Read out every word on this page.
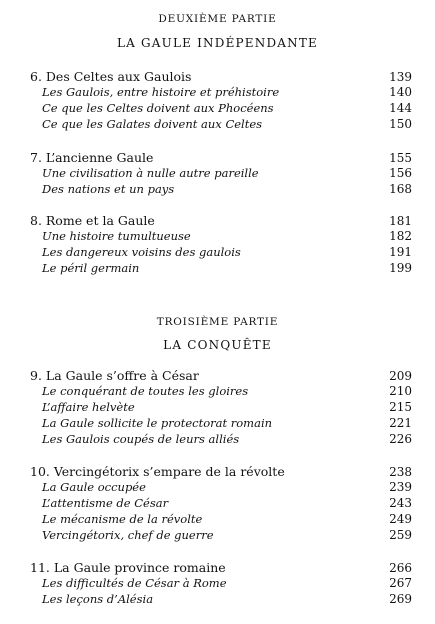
DEUXIÈME PARTIE
LA GAULE INDÉPENDANTE
6. Des Celtes aux Gaulois	139
Les Gaulois, entre histoire et préhistoire	140
Ce que les Celtes doivent aux Phocéens	144
Ce que les Galates doivent aux Celtes	150
7. L’ancienne Gaule	155
Une civilisation à nulle autre pareille	156
Des nations et un pays	168
8. Rome et la Gaule	181
Une histoire tumultueuse	182
Les dangereux voisins des gaulois	191
Le péril germain	199
TROISIÈME PARTIE
LA CONQUÊTE
9. La Gaule s’offre à César	209
Le conquérant de toutes les gloires	210
L’affaire helvète	215
La Gaule sollicite le protectorat romain	221
Les Gaulois coupés de leurs alliés	226
10. Vercingétorix s’empare de la révolte	238
La Gaule occupée	239
L’attentisme de César	243
Le mécanisme de la révolte	249
Vercingétorix, chef de guerre	259
11. La Gaule province romaine	266
Les difficultés de César à Rome	267
Les leçons d’Alésia	269
